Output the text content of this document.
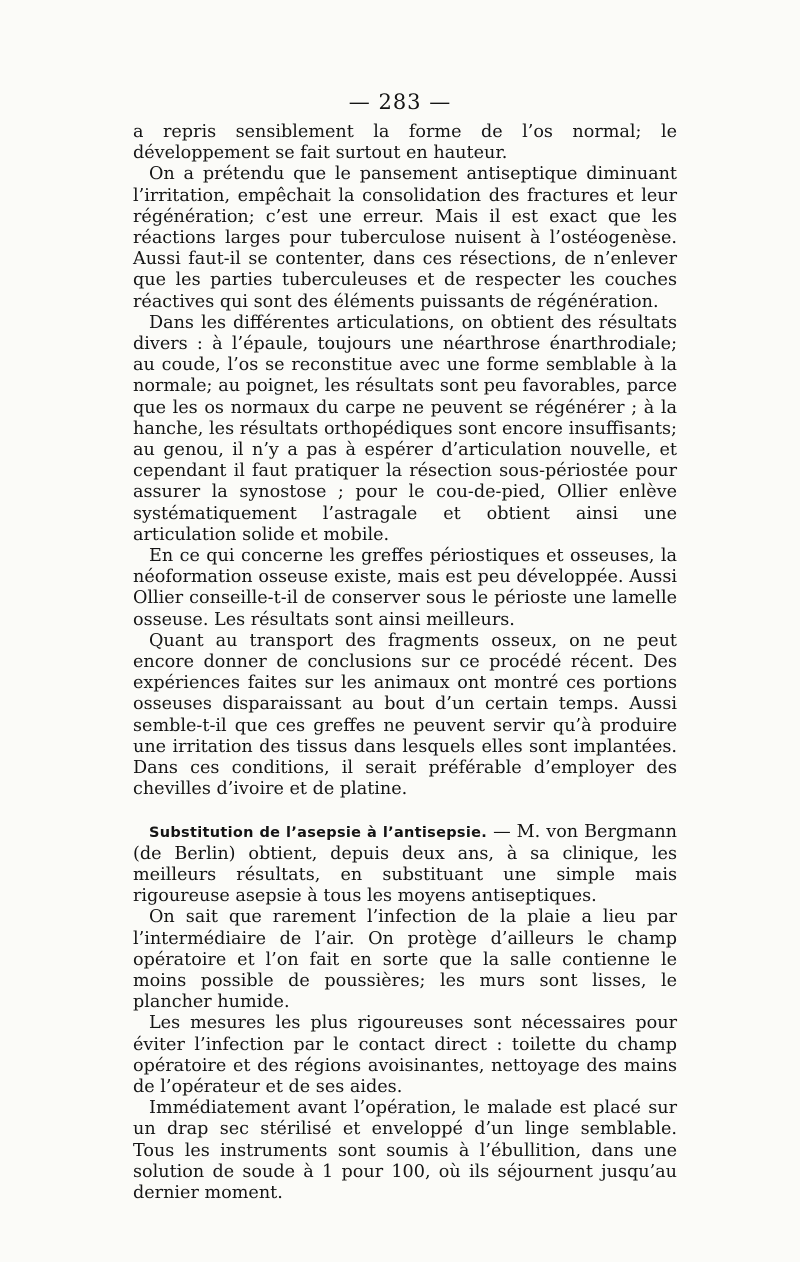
— 283 —

a repris sensiblement la forme de l’os normal; le développement se fait surtout en hauteur.

On a prétendu que le pansement antiseptique diminuant l’irritation, empêchait la consolidation des fractures et leur régénération; c’est une erreur. Mais il est exact que les réactions larges pour tuberculose nuisent à l’ostéogenèse. Aussi faut-il se contenter, dans ces résections, de n’enlever que les parties tuberculeuses et de respecter les couches réactives qui sont des éléments puissants de régénération.

Dans les différentes articulations, on obtient des résultats divers : à l’épaule, toujours une néarthrose énarthrodiale; au coude, l’os se reconstitue avec une forme semblable à la normale; au poignet, les résultats sont peu favorables, parce que les os normaux du carpe ne peuvent se régénérer ; à la hanche, les résultats orthopédiques sont encore insuffisants; au genou, il n’y a pas à espérer d’articulation nouvelle, et cependant il faut pratiquer la résection sous-périostée pour assurer la synostose ; pour le cou-de-pied, Ollier enlève systématiquement l’astragale et obtient ainsi une articulation solide et mobile.

En ce qui concerne les greffes périostiques et osseuses, la néoformation osseuse existe, mais est peu développée. Aussi Ollier conseille-t-il de conserver sous le périoste une lamelle osseuse. Les résultats sont ainsi meilleurs.

Quant au transport des fragments osseux, on ne peut encore donner de conclusions sur ce procédé récent. Des expériences faites sur les animaux ont montré ces portions osseuses disparaissant au bout d’un certain temps. Aussi semble-t-il que ces greffes ne peuvent servir qu’à produire une irritation des tissus dans lesquels elles sont implantées. Dans ces conditions, il serait préférable d’employer des chevilles d’ivoire et de platine.

Substitution de l’asepsie à l’antisepsie. — M. von Bergmann (de Berlin) obtient, depuis deux ans, à sa clinique, les meilleurs résultats, en substituant une simple mais rigoureuse asepsie à tous les moyens antiseptiques.

On sait que rarement l’infection de la plaie a lieu par l’intermédiaire de l’air. On protège d’ailleurs le champ opératoire et l’on fait en sorte que la salle contienne le moins possible de poussières; les murs sont lisses, le plancher humide.

Les mesures les plus rigoureuses sont nécessaires pour éviter l’infection par le contact direct : toilette du champ opératoire et des régions avoisinantes, nettoyage des mains de l’opérateur et de ses aides.

Immédiatement avant l’opération, le malade est placé sur un drap sec stérilisé et enveloppé d’un linge semblable. Tous les instruments sont soumis à l’ébullition, dans une solution de soude à 1 pour 100, où ils séjournent jusqu’au dernier moment.
